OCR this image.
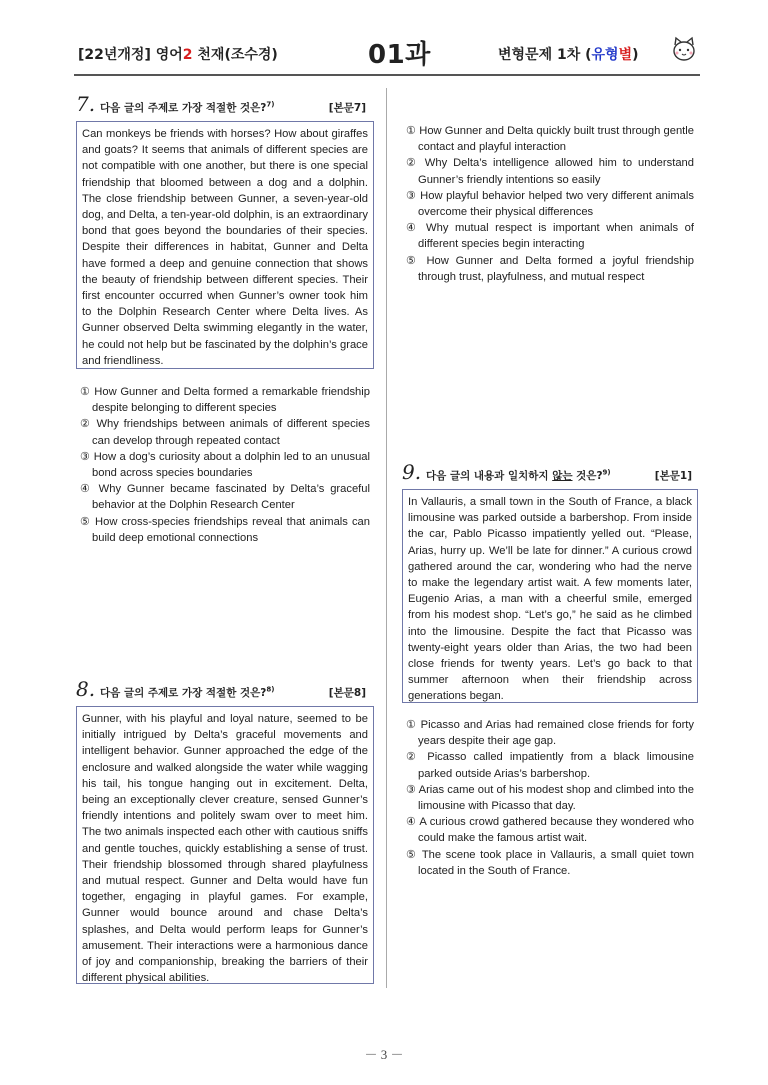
[22년개정] 영어2 천재(조수경)	01과	변형문제 1차 (유형별)
7. 다음 글의 주제로 가장 적절한 것은?$^{7)}$	[본문7]
Can monkeys be friends with horses? How about giraffes and goats? It seems that animals of different species are not compatible with one another, but there is one special friendship that bloomed between a dog and a dolphin. The close friendship between Gunner, a seven-year-old dog, and Delta, a ten-year-old dolphin, is an extraordinary bond that goes beyond the boundaries of their species. Despite their differences in habitat, Gunner and Delta have formed a deep and genuine connection that shows the beauty of friendship between different species. Their first encounter occurred when Gunner’s owner took him to the Dolphin Research Center where Delta lives. As Gunner observed Delta swimming elegantly in the water, he could not help but be fascinated by the dolphin’s grace and friendliness.
① How Gunner and Delta formed a remarkable friendship despite belonging to different species
② Why friendships between animals of different species can develop through repeated contact
③ How a dog’s curiosity about a dolphin led to an unusual bond across species boundaries
④ Why Gunner became fascinated by Delta’s graceful behavior at the Dolphin Research Center
⑤ How cross-species friendships reveal that animals can build deep emotional connections
8. 다음 글의 주제로 가장 적절한 것은?$^{8)}$	[본문8]
Gunner, with his playful and loyal nature, seemed to be initially intrigued by Delta’s graceful movements and intelligent behavior. Gunner approached the edge of the enclosure and walked alongside the water while wagging his tail, his tongue hanging out in excitement. Delta, being an exceptionally clever creature, sensed Gunner’s friendly intentions and politely swam over to meet him. The two animals inspected each other with cautious sniffs and gentle touches, quickly establishing a sense of trust. Their friendship blossomed through shared playfulness and mutual respect. Gunner and Delta would have fun together, engaging in playful games. For example, Gunner would bounce around and chase Delta’s splashes, and Delta would perform leaps for Gunner’s amusement. Their interactions were a harmonious dance of joy and companionship, breaking the barriers of their different physical abilities.
① How Gunner and Delta quickly built trust through gentle contact and playful interaction
② Why Delta’s intelligence allowed him to understand Gunner’s friendly intentions so easily
③ How playful behavior helped two very different animals overcome their physical differences
④ Why mutual respect is important when animals of different species begin interacting
⑤ How Gunner and Delta formed a joyful friendship through trust, playfulness, and mutual respect
9. 다음 글의 내용과 일치하지 않는 것은?$^{9)}$	[본문1]
In Vallauris, a small town in the South of France, a black limousine was parked outside a barbershop. From inside the car, Pablo Picasso impatiently yelled out. “Please, Arias, hurry up. We’ll be late for dinner.” A curious crowd gathered around the car, wondering who had the nerve to make the legendary artist wait. A few moments later, Eugenio Arias, a man with a cheerful smile, emerged from his modest shop. “Let’s go,” he said as he climbed into the limousine. Despite the fact that Picasso was twenty-eight years older than Arias, the two had been close friends for twenty years. Let’s go back to that summer afternoon when their friendship across generations began.
① Picasso and Arias had remained close friends for forty years despite their age gap.
② Picasso called impatiently from a black limousine parked outside Arias’s barbershop.
③ Arias came out of his modest shop and climbed into the limousine with Picasso that day.
④ A curious crowd gathered because they wondered who could make the famous artist wait.
⑤ The scene took place in Vallauris, a small quiet town located in the South of France.
－ 3 －
